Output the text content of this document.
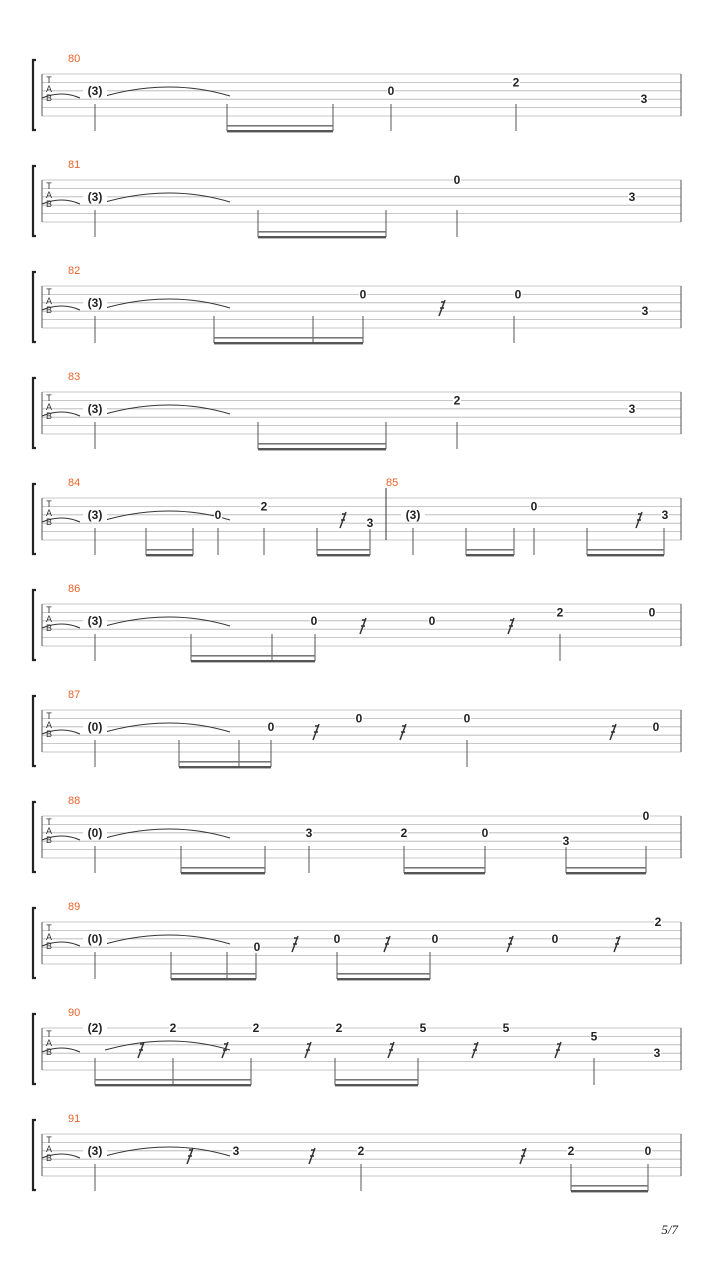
T
A
B
80
(3)	0
2
3
T
A
B
81
(3)
0
3
T
A
B
82
(3)
0	0
3
T
A
B
83
(3)
2
3
T
A
B
84	85
(3)	0
2
3
(3)
0
3
T
A
B
86
(3)	0	0
2	0
T
A
B
87
(0)	0
0	0
0
T
A
B
88
(0)	3	2	0
3
0
T
A
B
89
(0)
0
0	0	0
2
T
A
B
90
(2)	2	2	2	5	5
5
3
T
A
B
91
(3)	3	2	2	0
5/7
